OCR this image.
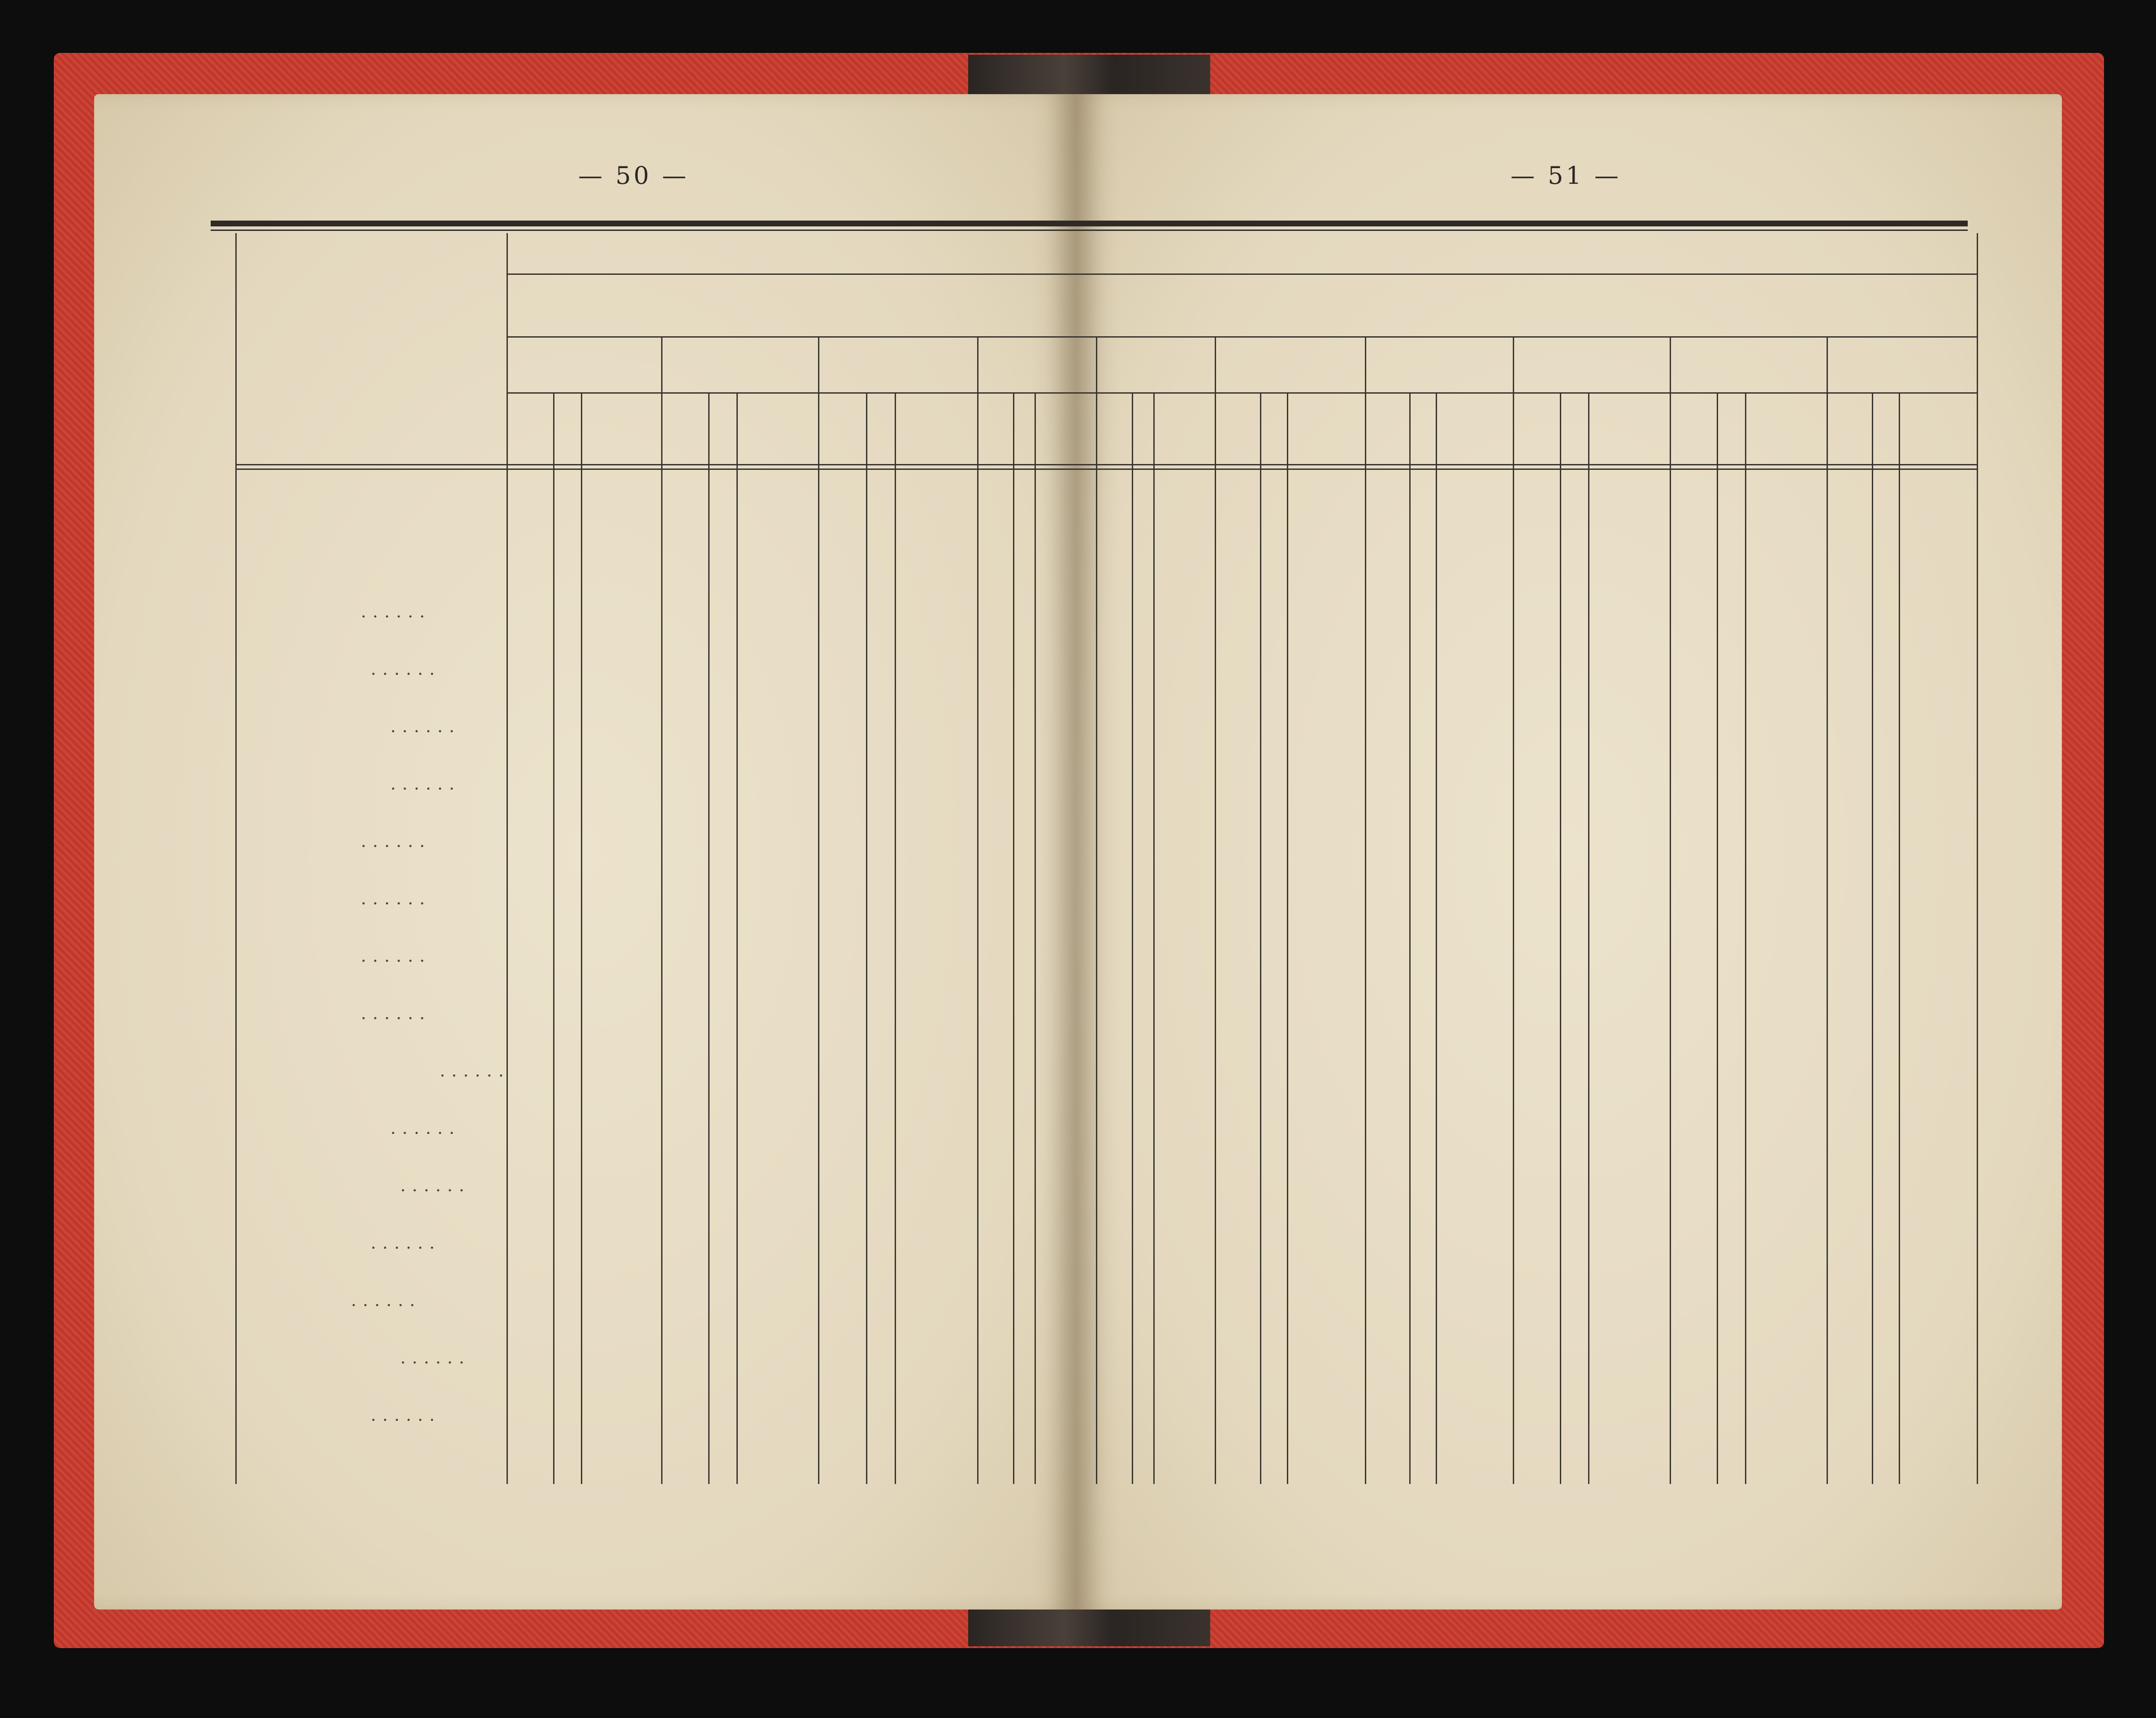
— 50 —	— 51 —
. . . . . .
. . . . . .
. . . . . .
. . . . . .
. . . . . .
. . . . . .
. . . . . .
. . . . . .
. . . . . .
. . . . . .
. . . . . .
. . . . . .
. . . . . .
. . . . . .
. . . . . .
